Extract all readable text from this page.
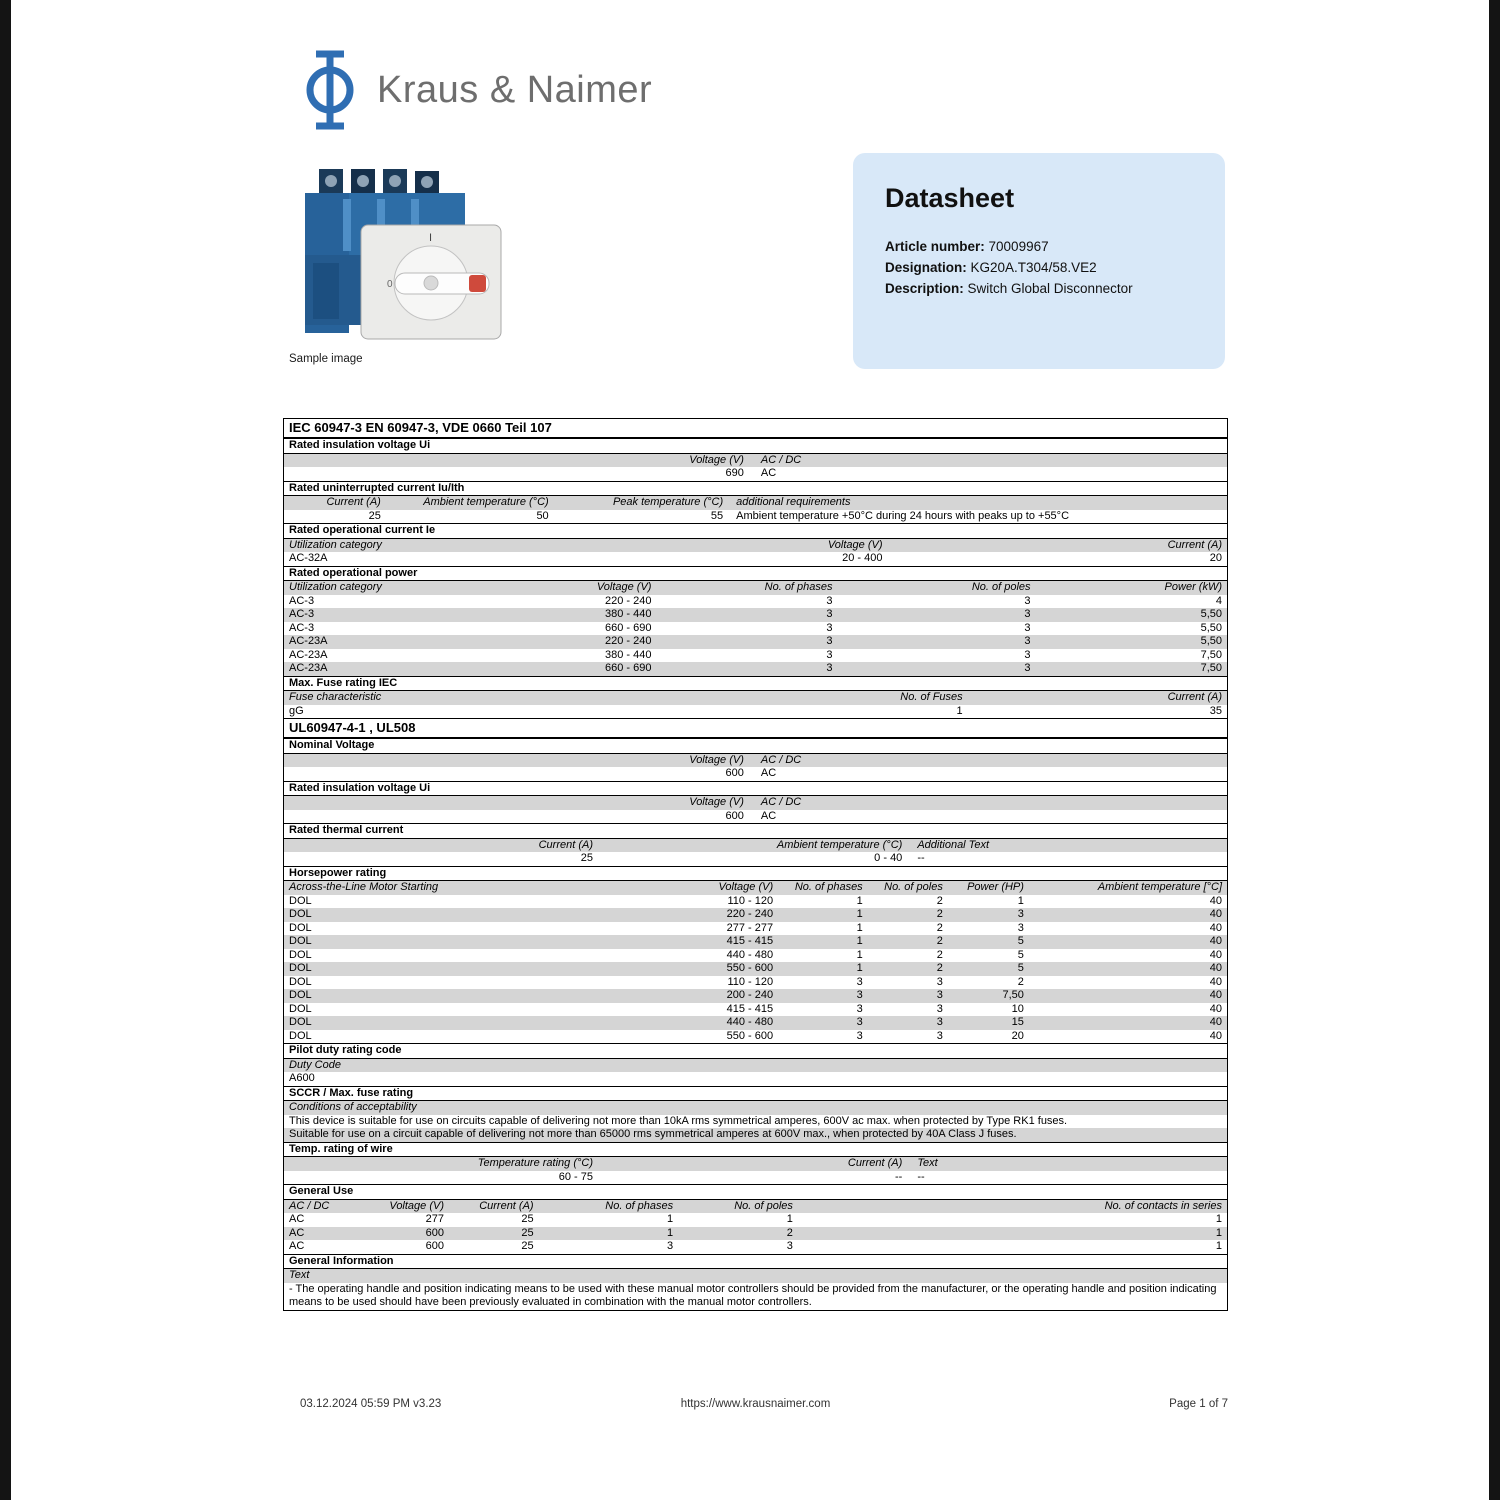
Kraus & Naimer
I
0
Sample image
Datasheet
Article number: 70009967
Designation: KG20A.T304/58.VE2
Description: Switch Global Disconnector
IEC 60947-3 EN 60947-3, VDE 0660 Teil 107
Rated insulation voltage Ui
Voltage (V)	AC / DC
690	AC
Rated uninterrupted current Iu/Ith
Current (A)	Ambient temperature (°C)	Peak temperature (°C)	additional requirements
25	50	55	Ambient temperature +50°C during 24 hours with peaks up to +55°C
Rated operational current Ie
Utilization category	Voltage (V)	Current (A)
AC-32A	20 - 400	20
Rated operational power
Utilization category	Voltage (V)	No. of phases	No. of poles	Power (kW)
AC-3	220 - 240	3	3	4
AC-3	380 - 440	3	3	5,50
AC-3	660 - 690	3	3	5,50
AC-23A	220 - 240	3	3	5,50
AC-23A	380 - 440	3	3	7,50
AC-23A	660 - 690	3	3	7,50
Max. Fuse rating IEC
Fuse characteristic	No. of Fuses	Current (A)
gG	1	35
UL60947-4-1 , UL508
Nominal Voltage
Voltage (V)	AC / DC
600	AC
Rated insulation voltage Ui
Voltage (V)	AC / DC
600	AC
Rated thermal current
Current (A)	Ambient temperature (°C)	Additional Text
25	0 - 40	--
Horsepower rating
Across-the-Line Motor Starting	Voltage (V)	No. of phases	No. of poles	Power (HP)	Ambient temperature [°C]
DOL	110 - 120	1	2	1	40
DOL	220 - 240	1	2	3	40
DOL	277 - 277	1	2	3	40
DOL	415 - 415	1	2	5	40
DOL	440 - 480	1	2	5	40
DOL	550 - 600	1	2	5	40
DOL	110 - 120	3	3	2	40
DOL	200 - 240	3	3	7,50	40
DOL	415 - 415	3	3	10	40
DOL	440 - 480	3	3	15	40
DOL	550 - 600	3	3	20	40
Pilot duty rating code
Duty Code
A600
SCCR / Max. fuse rating
Conditions of acceptability
This device is suitable for use on circuits capable of delivering not more than 10kA rms symmetrical amperes, 600V ac max. when protected by Type RK1 fuses.
Suitable for use on a circuit capable of delivering not more than 65000 rms symmetrical amperes at 600V max., when protected by 40A Class J fuses.
Temp. rating of wire
Temperature rating (°C)	Current (A)	Text
60 - 75	--	--
General Use
AC / DC	Voltage (V)	Current (A)	No. of phases	No. of poles	No. of contacts in series
AC	277	25	1	1	1
AC	600	25	1	2	1
AC	600	25	3	3	1
General Information
Text
- The operating handle and position indicating means to be used with these manual motor controllers should be provided from the manufacturer, or the operating handle and position indicating means to be used should have been previously evaluated in combination with the manual motor controllers.
03.12.2024 05:59 PM v3.23	https://www.krausnaimer.com	Page 1 of 7
